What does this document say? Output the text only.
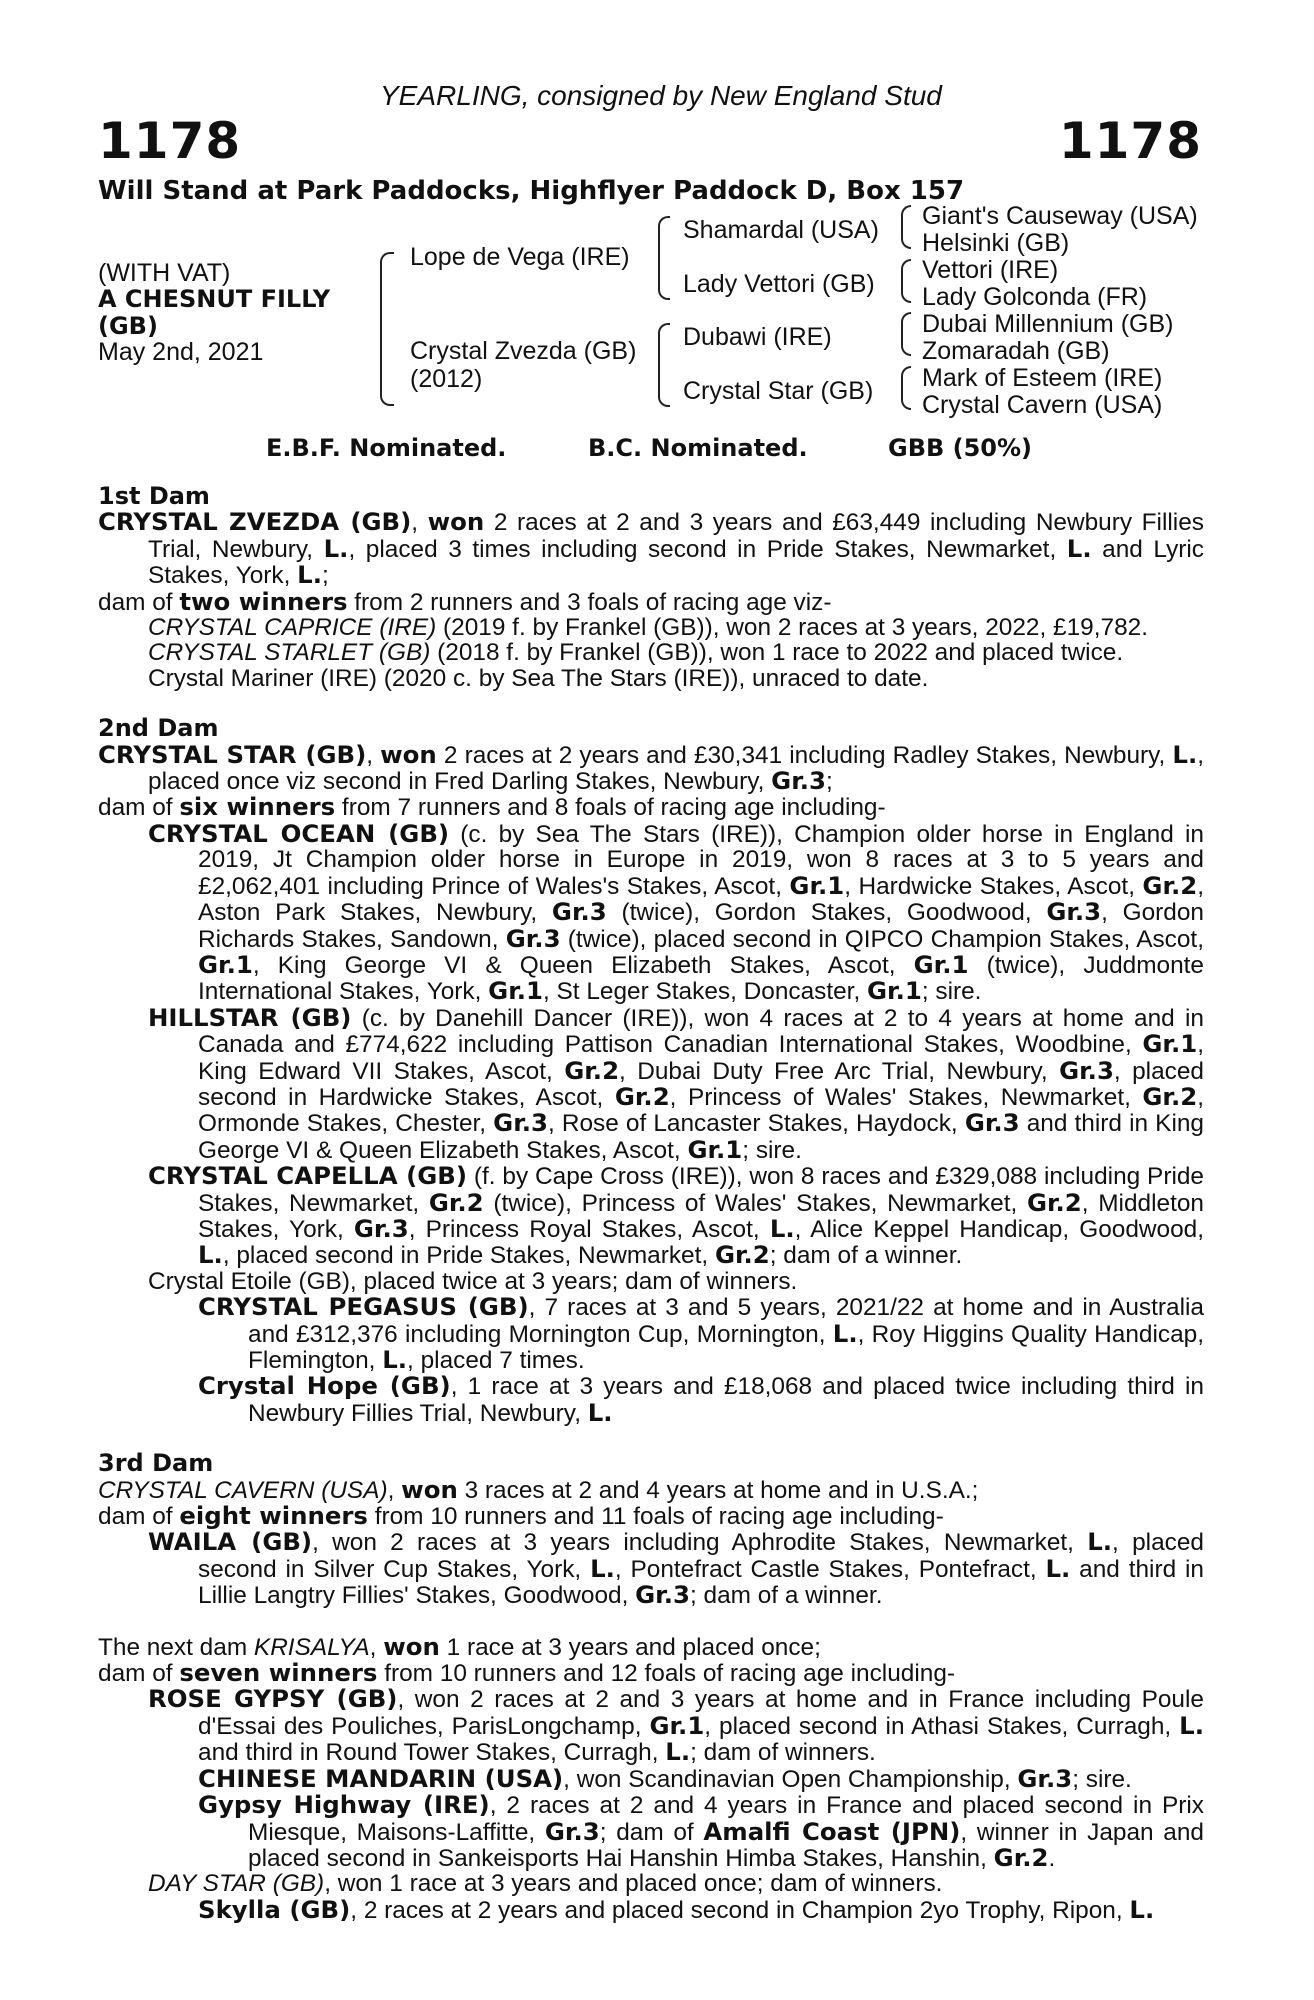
YEARLING, consigned by New England Stud
1178	1178
Will Stand at Park Paddocks, Highflyer Paddock D, Box 157
(WITH VAT)
A CHESNUT FILLY
(GB)
May 2nd, 2021
Lope de Vega (IRE)
Crystal Zvezda (GB)
(2012)
Shamardal (USA)
Lady Vettori (GB)
Dubawi (IRE)
Crystal Star (GB)
Giant's Causeway (USA)
Helsinki (GB)
Vettori (IRE)
Lady Golconda (FR)
Dubai Millennium (GB)
Zomaradah (GB)
Mark of Esteem (IRE)
Crystal Cavern (USA)
E.B.F. Nominated.	B.C. Nominated.	GBB (50%)
1st Dam
CRYSTAL ZVEZDA (GB), won 2 races at 2 and 3 years and £63,449 including Newbury Fillies Trial, Newbury, L., placed 3 times including second in Pride Stakes, Newmarket, L. and Lyric Stakes, York, L.;
dam of two winners from 2 runners and 3 foals of racing age viz-
CRYSTAL CAPRICE (IRE) (2019 f. by Frankel (GB)), won 2 races at 3 years, 2022, £19,782.
CRYSTAL STARLET (GB) (2018 f. by Frankel (GB)), won 1 race to 2022 and placed twice.
Crystal Mariner (IRE) (2020 c. by Sea The Stars (IRE)), unraced to date.
2nd Dam
CRYSTAL STAR (GB), won 2 races at 2 years and £30,341 including Radley Stakes, Newbury, L., placed once viz second in Fred Darling Stakes, Newbury, Gr.3;
dam of six winners from 7 runners and 8 foals of racing age including-
CRYSTAL OCEAN (GB) (c. by Sea The Stars (IRE)), Champion older horse in England in 2019, Jt Champion older horse in Europe in 2019, won 8 races at 3 to 5 years and £2,062,401 including Prince of Wales's Stakes, Ascot, Gr.1, Hardwicke Stakes, Ascot, Gr.2, Aston Park Stakes, Newbury, Gr.3 (twice), Gordon Stakes, Goodwood, Gr.3, Gordon Richards Stakes, Sandown, Gr.3 (twice), placed second in QIPCO Champion Stakes, Ascot, Gr.1, King George VI & Queen Elizabeth Stakes, Ascot, Gr.1 (twice), Juddmonte International Stakes, York, Gr.1, St Leger Stakes, Doncaster, Gr.1; sire.
HILLSTAR (GB) (c. by Danehill Dancer (IRE)), won 4 races at 2 to 4 years at home and in Canada and £774,622 including Pattison Canadian International Stakes, Woodbine, Gr.1, King Edward VII Stakes, Ascot, Gr.2, Dubai Duty Free Arc Trial, Newbury, Gr.3, placed second in Hardwicke Stakes, Ascot, Gr.2, Princess of Wales' Stakes, Newmarket, Gr.2, Ormonde Stakes, Chester, Gr.3, Rose of Lancaster Stakes, Haydock, Gr.3 and third in King George VI & Queen Elizabeth Stakes, Ascot, Gr.1; sire.
CRYSTAL CAPELLA (GB) (f. by Cape Cross (IRE)), won 8 races and £329,088 including Pride Stakes, Newmarket, Gr.2 (twice), Princess of Wales' Stakes, Newmarket, Gr.2, Middleton Stakes, York, Gr.3, Princess Royal Stakes, Ascot, L., Alice Keppel Handicap, Goodwood, L., placed second in Pride Stakes, Newmarket, Gr.2; dam of a winner.
Crystal Etoile (GB), placed twice at 3 years; dam of winners.
CRYSTAL PEGASUS (GB), 7 races at 3 and 5 years, 2021/22 at home and in Australia and £312,376 including Mornington Cup, Mornington, L., Roy Higgins Quality Handicap, Flemington, L., placed 7 times.
Crystal Hope (GB), 1 race at 3 years and £18,068 and placed twice including third in Newbury Fillies Trial, Newbury, L.
3rd Dam
CRYSTAL CAVERN (USA), won 3 races at 2 and 4 years at home and in U.S.A.;
dam of eight winners from 10 runners and 11 foals of racing age including-
WAILA (GB), won 2 races at 3 years including Aphrodite Stakes, Newmarket, L., placed second in Silver Cup Stakes, York, L., Pontefract Castle Stakes, Pontefract, L. and third in Lillie Langtry Fillies' Stakes, Goodwood, Gr.3; dam of a winner.
The next dam KRISALYA, won 1 race at 3 years and placed once;
dam of seven winners from 10 runners and 12 foals of racing age including-
ROSE GYPSY (GB), won 2 races at 2 and 3 years at home and in France including Poule d'Essai des Pouliches, ParisLongchamp, Gr.1, placed second in Athasi Stakes, Curragh, L. and third in Round Tower Stakes, Curragh, L.; dam of winners.
CHINESE MANDARIN (USA), won Scandinavian Open Championship, Gr.3; sire.
Gypsy Highway (IRE), 2 races at 2 and 4 years in France and placed second in Prix Miesque, Maisons-Laffitte, Gr.3; dam of Amalfi Coast (JPN), winner in Japan and placed second in Sankeisports Hai Hanshin Himba Stakes, Hanshin, Gr.2.
DAY STAR (GB), won 1 race at 3 years and placed once; dam of winners.
Skylla (GB), 2 races at 2 years and placed second in Champion 2yo Trophy, Ripon, L.
